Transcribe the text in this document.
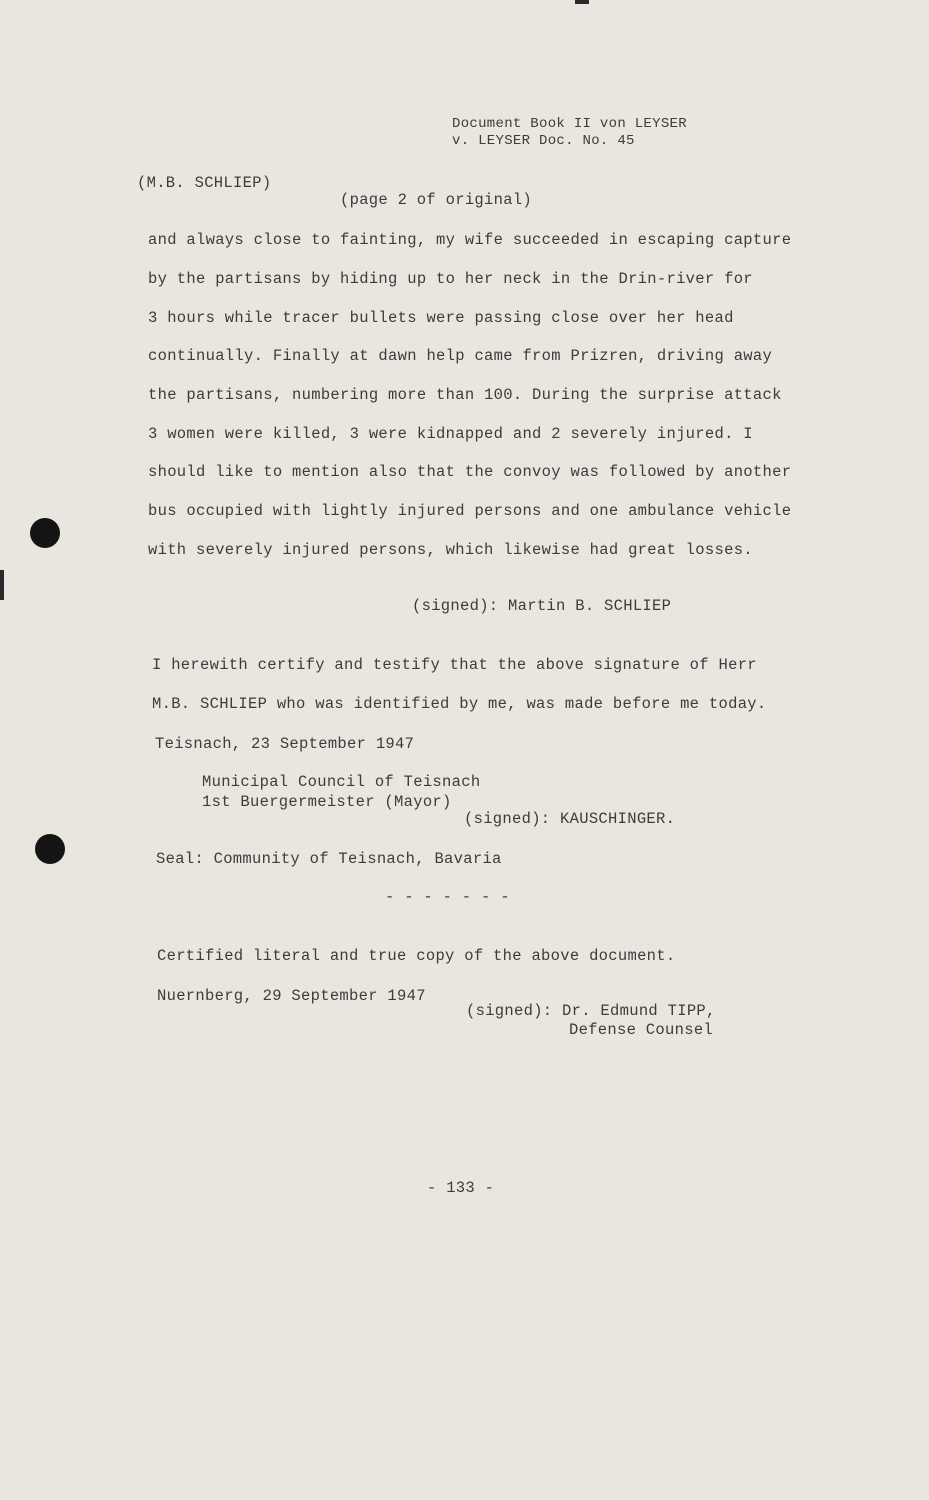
Document Book II von LEYSER
v. LEYSER Doc. No. 45
(M.B. SCHLIEP)
(page 2 of original)
and always close to fainting, my wife succeeded in escaping capture
by the partisans by hiding up to her neck in the Drin-river for
3 hours while tracer bullets were passing close over her head
continually. Finally at dawn help came from Prizren, driving away
the partisans, numbering more than 100. During the surprise attack
3 women were killed, 3 were kidnapped and 2 severely injured. I
should like to mention also that the convoy was followed by another
bus occupied with lightly injured persons and one ambulance vehicle
with severely injured persons, which likewise had great losses.
(signed): Martin B. SCHLIEP
I herewith certify and testify that the above signature of Herr
M.B. SCHLIEP who was identified by me, was made before me today.
Teisnach, 23 September 1947
Municipal Council of Teisnach
1st Buergermeister (Mayor)
(signed): KAUSCHINGER.
Seal: Community of Teisnach, Bavaria
- - - - - - -
Certified literal and true copy of the above document.
Nuernberg, 29 September 1947
(signed): Dr. Edmund TIPP,
Defense Counsel
- 133 -
